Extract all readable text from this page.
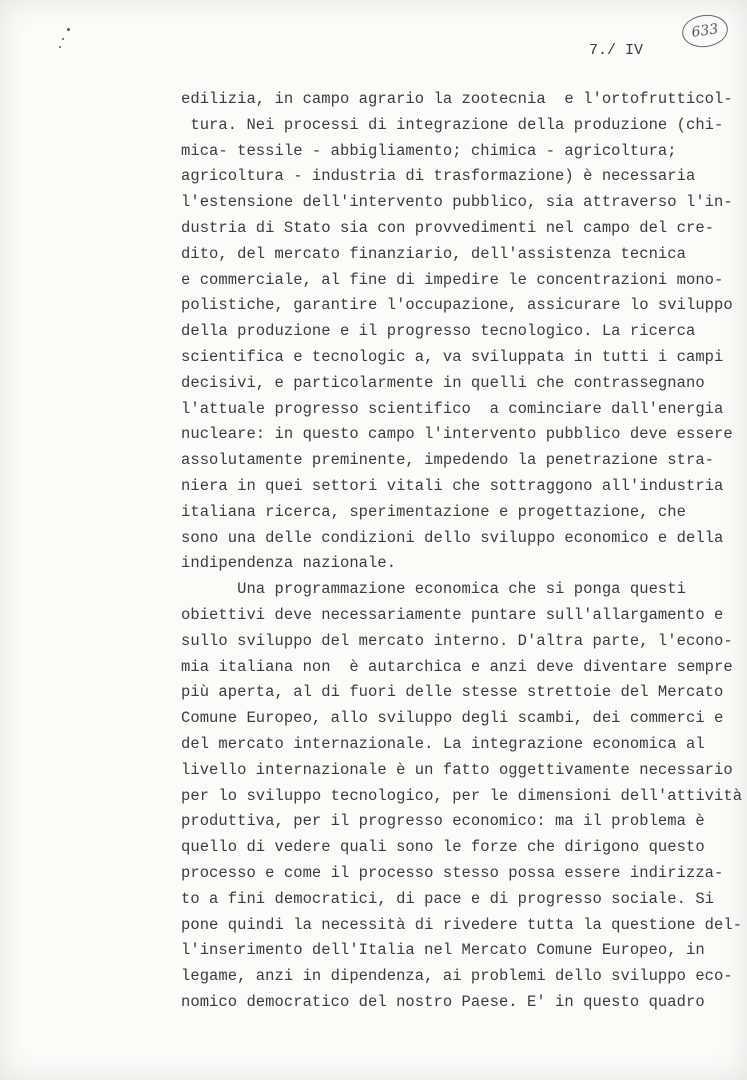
633
7./ IV
edilizia, in campo agrario la zootecnia  e l'ortofrutticol-
tura. Nei processi di integrazione della produzione (chi-
mica- tessile - abbigliamento; chimica - agricoltura;
agricoltura - industria di trasformazione) è necessaria
l'estensione dell'intervento pubblico, sia attraverso l'in-
dustria di Stato sia con provvedimenti nel campo del cre-
dito, del mercato finanziario, dell'assistenza tecnica
e commerciale, al fine di impedire le concentrazioni mono-
polistiche, garantire l'occupazione, assicurare lo sviluppo
della produzione e il progresso tecnologico. La ricerca
scientifica e tecnologic a, va sviluppata in tutti i campi
decisivi, e particolarmente in quelli che contrassegnano
l'attuale progresso scientifico  a cominciare dall'energia
nucleare: in questo campo l'intervento pubblico deve essere
assolutamente preminente, impedendo la penetrazione stra-
niera in quei settori vitali che sottraggono all'industria
italiana ricerca, sperimentazione e progettazione, che
sono una delle condizioni dello sviluppo economico e della
indipendenza nazionale.
Una programmazione economica che si ponga questi
obiettivi deve necessariamente puntare sull'allargamento e
sullo sviluppo del mercato interno. D'altra parte, l'econo-
mia italiana non  è autarchica e anzi deve diventare sempre
più aperta, al di fuori delle stesse strettoie del Mercato
Comune Europeo, allo sviluppo degli scambi, dei commerci e
del mercato internazionale. La integrazione economica al
livello internazionale è un fatto oggettivamente necessario
per lo sviluppo tecnologico, per le dimensioni dell'attività
produttiva, per il progresso economico: ma il problema è
quello di vedere quali sono le forze che dirigono questo
processo e come il processo stesso possa essere indirizza-
to a fini democratici, di pace e di progresso sociale. Si
pone quindi la necessità di rivedere tutta la questione del-
l'inserimento dell'Italia nel Mercato Comune Europeo, in
legame, anzi in dipendenza, ai problemi dello sviluppo eco-
nomico democratico del nostro Paese. E' in questo quadro
